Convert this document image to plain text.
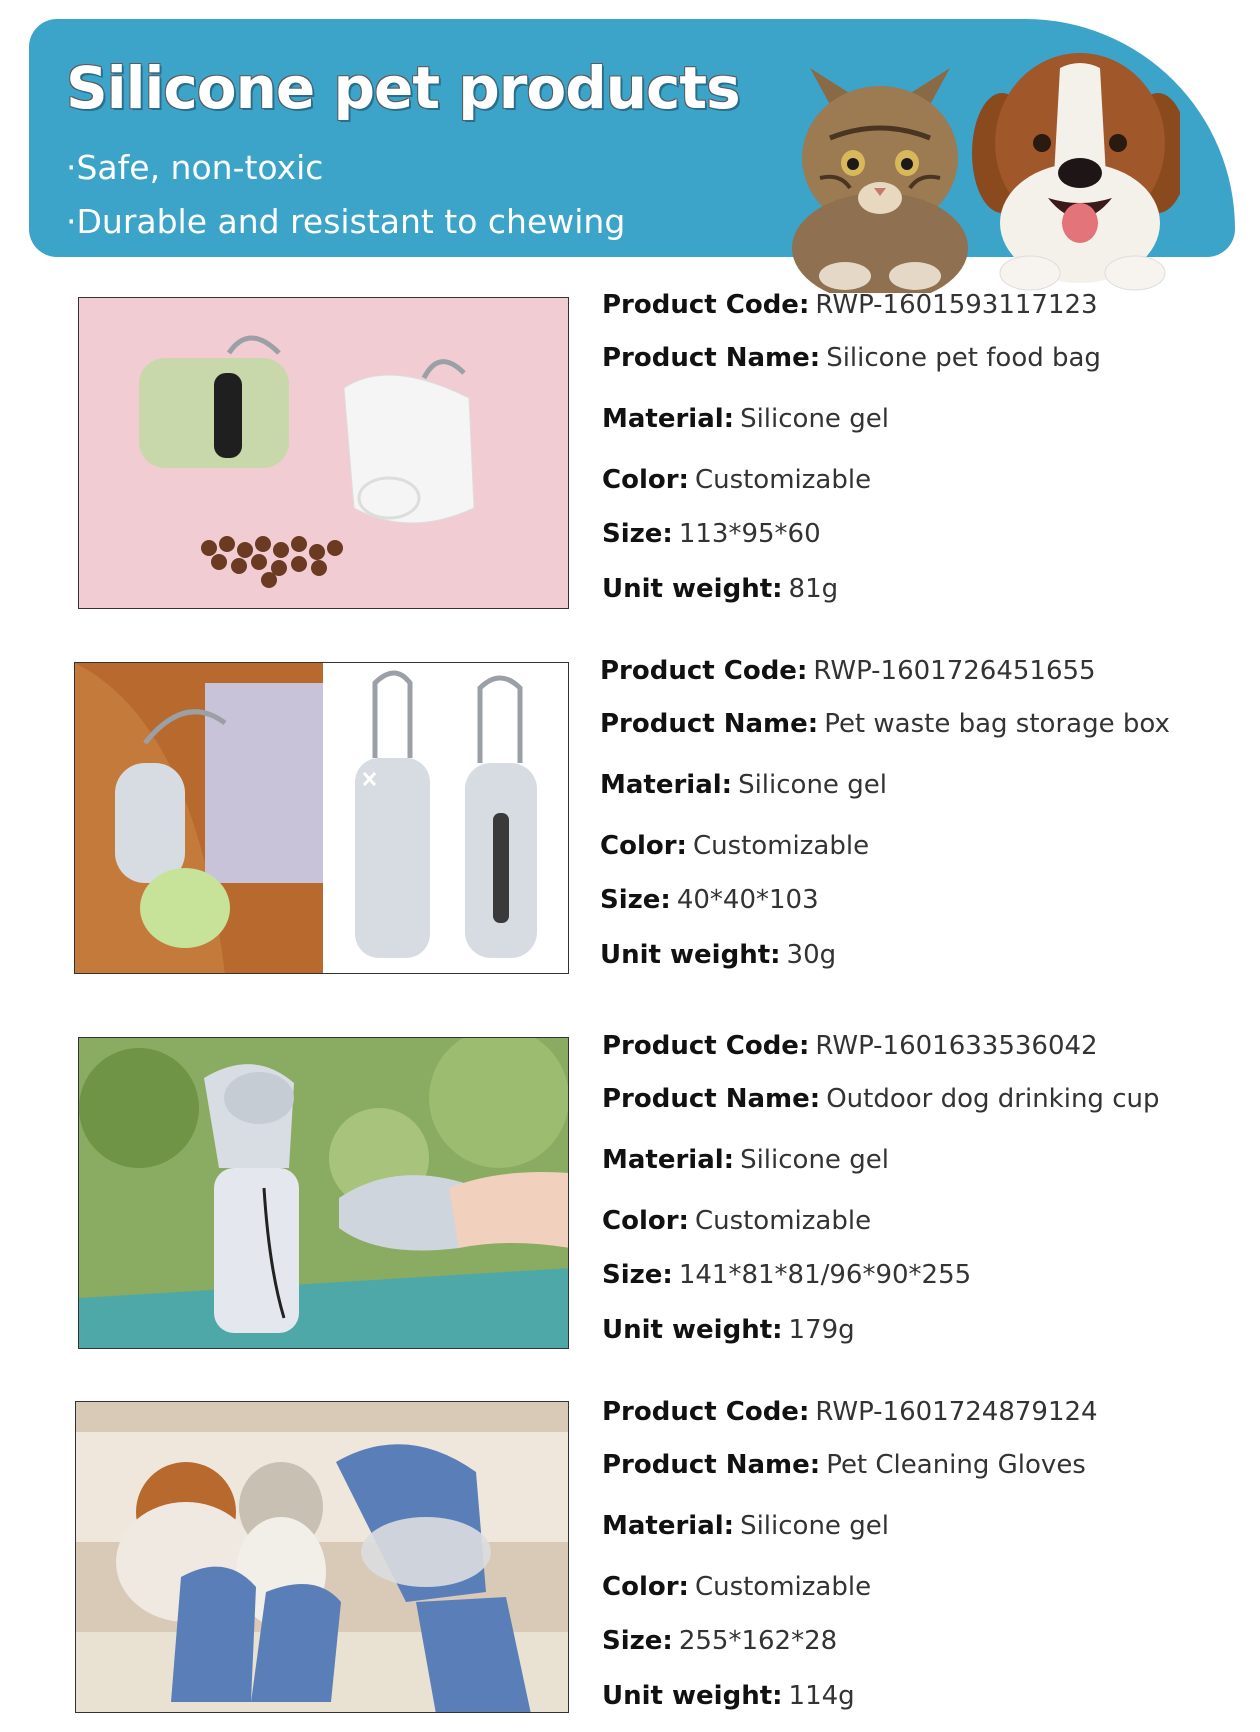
Silicone pet products
·Safe, non-toxic
·Durable and resistant to chewing
Product Code: RWP-1601593117123
Product Name: Silicone pet food bag
Material: Silicone gel
Color: Customizable
Size: 113*95*60
Unit weight: 81g
Product Code: RWP-1601726451655
Product Name: Pet waste bag storage box
Material: Silicone gel
Color: Customizable
Size: 40*40*103
Unit weight: 30g
Product Code: RWP-1601633536042
Product Name: Outdoor dog drinking cup
Material: Silicone gel
Color: Customizable
Size: 141*81*81/96*90*255
Unit weight: 179g
Product Code: RWP-1601724879124
Product Name: Pet Cleaning Gloves
Material: Silicone gel
Color: Customizable
Size: 255*162*28
Unit weight: 114g
